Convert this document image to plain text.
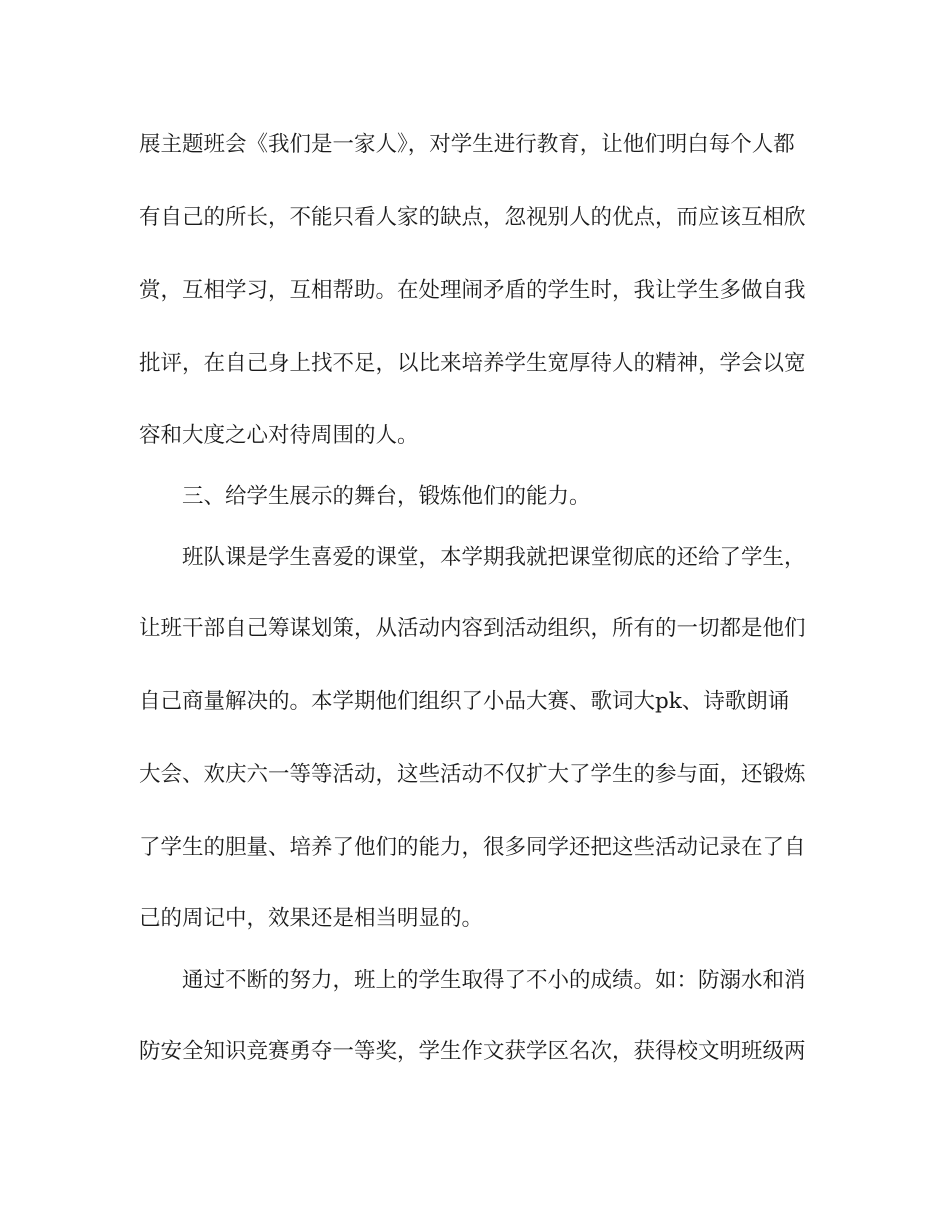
展主题班会《我们是一家人》，对学生进行教育，让他们明白每个人都
有自己的所长，不能只看人家的缺点，忽视别人的优点，而应该互相欣
赏，互相学习，互相帮助。在处理闹矛盾的学生时，我让学生多做自我
批评，在自己身上找不足，以比来培养学生宽厚待人的精神，学会以宽
容和大度之心对待周围的人。
三、给学生展示的舞台，锻炼他们的能力。
班队课是学生喜爱的课堂，本学期我就把课堂彻底的还给了学生，
让班干部自己筹谋划策，从活动内容到活动组织，所有的一切都是他们
自己商量解决的。本学期他们组织了小品大赛、歌词大pk、诗歌朗诵
大会、欢庆六一等等活动，这些活动不仅扩大了学生的参与面，还锻炼
了学生的胆量、培养了他们的能力，很多同学还把这些活动记录在了自
己的周记中，效果还是相当明显的。
通过不断的努力，班上的学生取得了不小的成绩。如：防溺水和消
防安全知识竞赛勇夺一等奖，学生作文获学区名次，获得校文明班级两
